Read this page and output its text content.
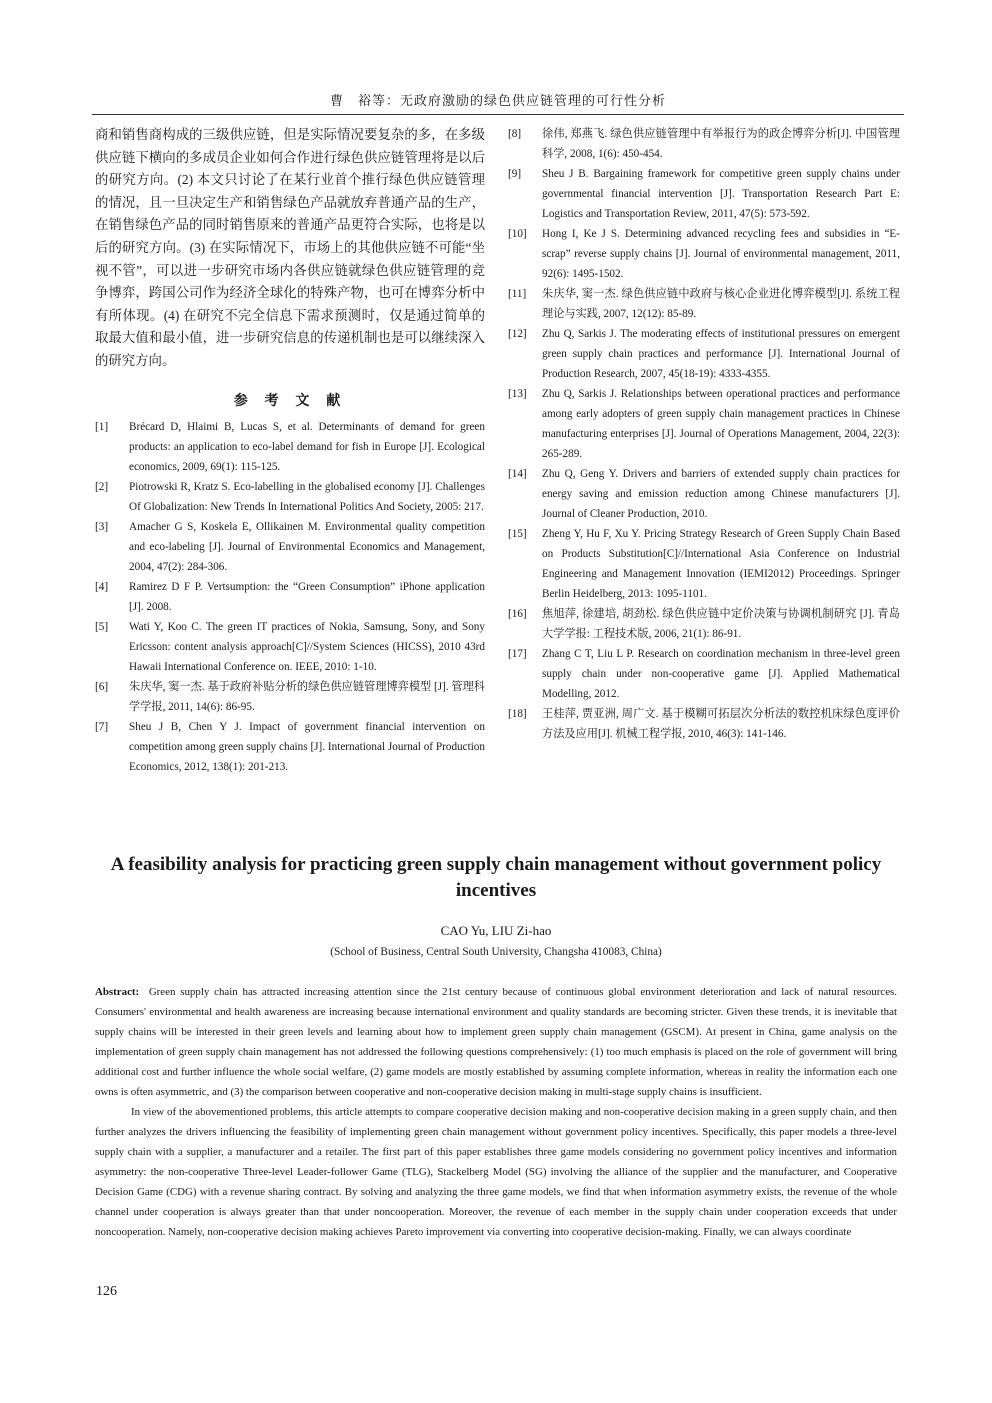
曹　裕等：无政府激励的绿色供应链管理的可行性分析

商和销售商构成的三级供应链，但是实际情况要复杂的多，在多级供应链下横向的多成员企业如何合作进行绿色供应链管理将是以后的研究方向。(2) 本文只讨论了在某行业首个推行绿色供应链管理的情况，且一旦决定生产和销售绿色产品就放弃普通产品的生产，在销售绿色产品的同时销售原来的普通产品更符合实际，也将是以后的研究方向。(3) 在实际情况下，市场上的其他供应链不可能“坐视不管”，可以进一步研究市场内各供应链就绿色供应链管理的竞争博弈，跨国公司作为经济全球化的特殊产物，也可在博弈分析中有所体现。(4) 在研究不完全信息下需求预测时，仅是通过简单的取最大值和最小值，进一步研究信息的传递机制也是可以继续深入的研究方向。

参 考 文 献
[1]	Brécard D, Hlaimi B, Lucas S, et al. Determinants of demand for green products: an application to eco-label demand for fish in Europe [J]. Ecological economics, 2009, 69(1): 115-125.
[2]	Piotrowski R, Kratz S. Eco-labelling in the globalised economy [J]. Challenges Of Globalization: New Trends In International Politics And Society, 2005: 217.
[3]	Amacher G S, Koskela E, Ollikainen M. Environmental quality competition and eco-labeling [J]. Journal of Environmental Economics and Management, 2004, 47(2): 284-306.
[4]	Ramirez D F P. Vertsumption: the “Green Consumption” iPhone application [J]. 2008.
[5]	Wati Y, Koo C. The green IT practices of Nokia, Samsung, Sony, and Sony Ericsson: content analysis approach[C]//System Sciences (HICSS), 2010 43rd Hawaii International Conference on. IEEE, 2010: 1-10.
[6]	朱庆华, 窦一杰. 基于政府补贴分析的绿色供应链管理博弈模型 [J]. 管理科学学报, 2011, 14(6): 86-95.
[7]	Sheu J B, Chen Y J. Impact of government financial intervention on competition among green supply chains [J]. International Journal of Production Economics, 2012, 138(1): 201-213.
[8]	徐伟, 郑燕飞. 绿色供应链管理中有举报行为的政企博弈分析[J]. 中国管理科学, 2008, 1(6): 450-454.
[9]	Sheu J B. Bargaining framework for competitive green supply chains under governmental financial intervention [J]. Transportation Research Part E: Logistics and Transportation Review, 2011, 47(5): 573-592.
[10]	Hong I, Ke J S. Determining advanced recycling fees and subsidies in “E-scrap” reverse supply chains [J]. Journal of environmental management, 2011, 92(6): 1495-1502.
[11]	朱庆华, 窦一杰. 绿色供应链中政府与核心企业进化博弈模型[J]. 系统工程理论与实践, 2007, 12(12): 85-89.
[12]	Zhu Q, Sarkis J. The moderating effects of institutional pressures on emergent green supply chain practices and performance [J]. International Journal of Production Research, 2007, 45(18-19): 4333-4355.
[13]	Zhu Q, Sarkis J. Relationships between operational practices and performance among early adopters of green supply chain management practices in Chinese manufacturing enterprises [J]. Journal of Operations Management, 2004, 22(3): 265-289.
[14]	Zhu Q, Geng Y. Drivers and barriers of extended supply chain practices for energy saving and emission reduction among Chinese manufacturers [J]. Journal of Cleaner Production, 2010.
[15]	Zheng Y, Hu F, Xu Y. Pricing Strategy Research of Green Supply Chain Based on Products Substitution[C]//International Asia Conference on Industrial Engineering and Management Innovation (IEMI2012) Proceedings. Springer Berlin Heidelberg, 2013: 1095-1101.
[16]	焦旭萍, 徐建培, 胡劲松. 绿色供应链中定价决策与协调机制研究 [J]. 青岛大学学报: 工程技术版, 2006, 21(1): 86-91.
[17]	Zhang C T, Liu L P. Research on coordination mechanism in three-level green supply chain under non-cooperative game [J]. Applied Mathematical Modelling, 2012.
[18]	王桂萍, 贾亚洲, 周广文. 基于模糊可拓层次分析法的数控机床绿色度评价方法及应用[J]. 机械工程学报, 2010, 46(3): 141-146.
A feasibility analysis for practicing green supply chain management without government policy incentives
CAO Yu, LIU Zi-hao
(School of Business, Central South University, Changsha 410083, China)

Abstract: Green supply chain has attracted increasing attention since the 21st century because of continuous global environment deterioration and lack of natural resources. Consumers' environmental and health awareness are increasing because international environment and quality standards are becoming stricter. Given these trends, it is inevitable that supply chains will be interested in their green levels and learning about how to implement green supply chain management (GSCM). At present in China, game analysis on the implementation of green supply chain management has not addressed the following questions comprehensively: (1) too much emphasis is placed on the role of government will bring additional cost and further influence the whole social welfare, (2) game models are mostly established by assuming complete information, whereas in reality the information each one owns is often asymmetric, and (3) the comparison between cooperative and non-cooperative decision making in multi-stage supply chains is insufficient.

In view of the abovementioned problems, this article attempts to compare cooperative decision making and non-cooperative decision making in a green supply chain, and then further analyzes the drivers influencing the feasibility of implementing green chain management without government policy incentives. Specifically, this paper models a three-level supply chain with a supplier, a manufacturer and a retailer. The first part of this paper establishes three game models considering no government policy incentives and information asymmetry: the non-cooperative Three-level Leader-follower Game (TLG), Stackelberg Model (SG) involving the alliance of the supplier and the manufacturer, and Cooperative Decision Game (CDG) with a revenue sharing contract. By solving and analyzing the three game models, we find that when information asymmetry exists, the revenue of the whole channel under cooperation is always greater than that under noncooperation. Moreover, the revenue of each member in the supply chain under cooperation exceeds that under noncooperation. Namely, non-cooperative decision making achieves Pareto improvement via converting into cooperative decision-making. Finally, we can always coordinate

126
